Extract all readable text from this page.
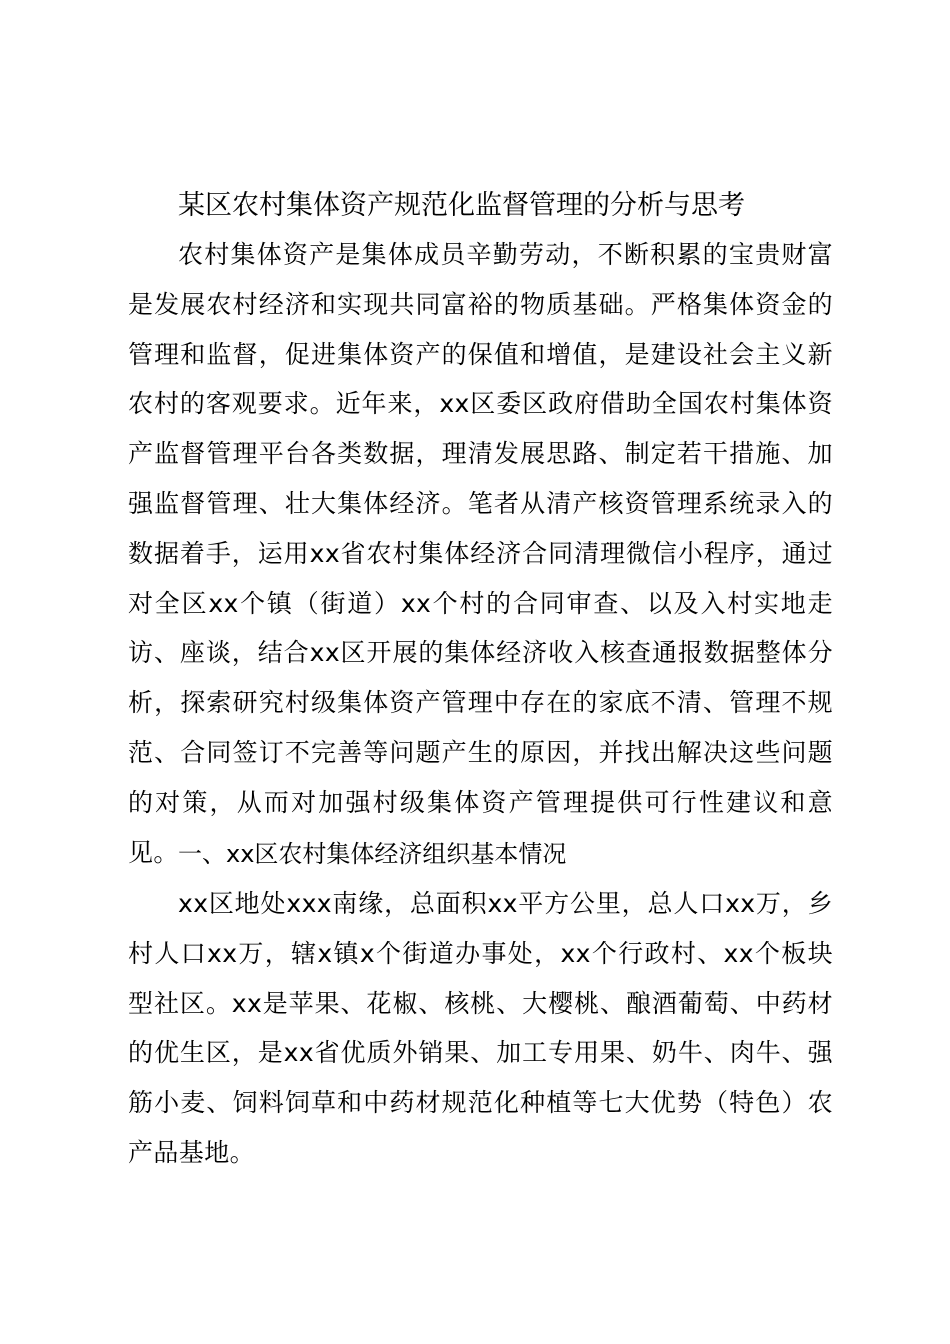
某区农村集体资产规范化监督管理的分析与思考

农村集体资产是集体成员辛勤劳动，不断积累的宝贵财富是发展农村经济和实现共同富裕的物质基础。严格集体资金的管理和监督，促进集体资产的保值和增值，是建设社会主义新农村的客观要求。近年来，xx区委区政府借助全国农村集体资产监督管理平台各类数据，理清发展思路、制定若干措施、加强监督管理、壮大集体经济。笔者从清产核资管理系统录入的数据着手，运用xx省农村集体经济合同清理微信小程序，通过对全区xx个镇（街道）xx个村的合同审查、以及入村实地走访、座谈，结合xx区开展的集体经济收入核查通报数据整体分析，探索研究村级集体资产管理中存在的家底不清、管理不规范、合同签订不完善等问题产生的原因，并找出解决这些问题的对策，从而对加强村级集体资产管理提供可行性建议和意见。 一、xx区农村集体经济组织基本情况

xx区地处xxx南缘，总面积xx平方公里，总人口xx万，乡村人口xx万，辖x镇x个街道办事处，xx个行政村、xx个板块型社区。xx是苹果、花椒、核桃、大樱桃、酿酒葡萄、中药材的优生区，是xx省优质外销果、加工专用果、奶牛、肉牛、强筋小麦、饲料饲草和中药材规范化种植等七大优势（特色）农产品基地。
